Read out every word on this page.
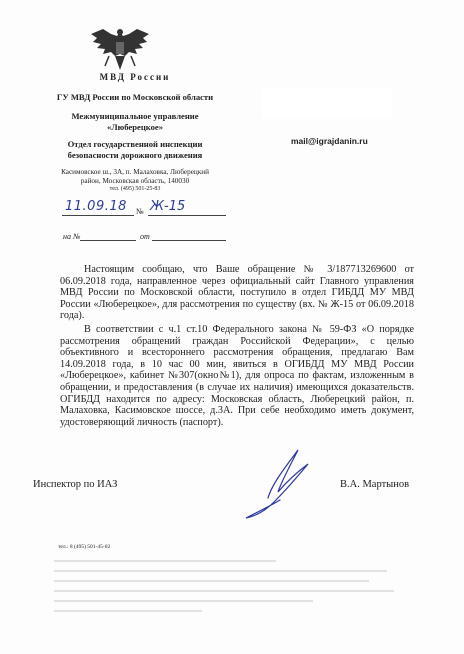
МВД России
ГУ МВД России по Московской области
Межмуниципальное управление
«Люберецкое»
Отдел государственной инспекции
безопасности дорожного движения
Касимовское ш., 3А, п. Малаховка, Люберецкий
район, Московская область, 140030
тел. (495) 501-25-83
11.09.18 № Ж-15
на №	от
mail@igrajdanin.ru

Настоящим сообщаю, что Ваше обращение № 3/187713269600 от 06.09.2018 года, направленное через официальный сайт Главного управления МВД России по Московской области, поступило в отдел ГИБДД МУ МВД России «Люберецкое», для рассмотрения по существу (вх. № Ж-15 от 06.09.2018 года).

В соответствии с ч.1 ст.10 Федерального закона № 59-ФЗ «О порядке рассмотрения обращений граждан Российской Федерации», с целью объективного и всестороннего рассмотрения обращения, предлагаю Вам 14.09.2018 года, в 10 час 00 мин, явиться в ОГИБДД МУ МВД России «Люберецкое», кабинет №307(окно№1), для опроса по фактам, изложенным в обращении, и предоставления (в случае их наличия) имеющихся доказательств. ОГИБДД находится по адресу: Московская область, Люберецкий район, п. Малаховка, Касимовское шоссе, д.3А. При себе необходимо иметь документ, удостоверяющий личность (паспорт).

Инспектор по ИАЗ	В.А. Мартынов
тел.: 8 (495) 501-45-02
